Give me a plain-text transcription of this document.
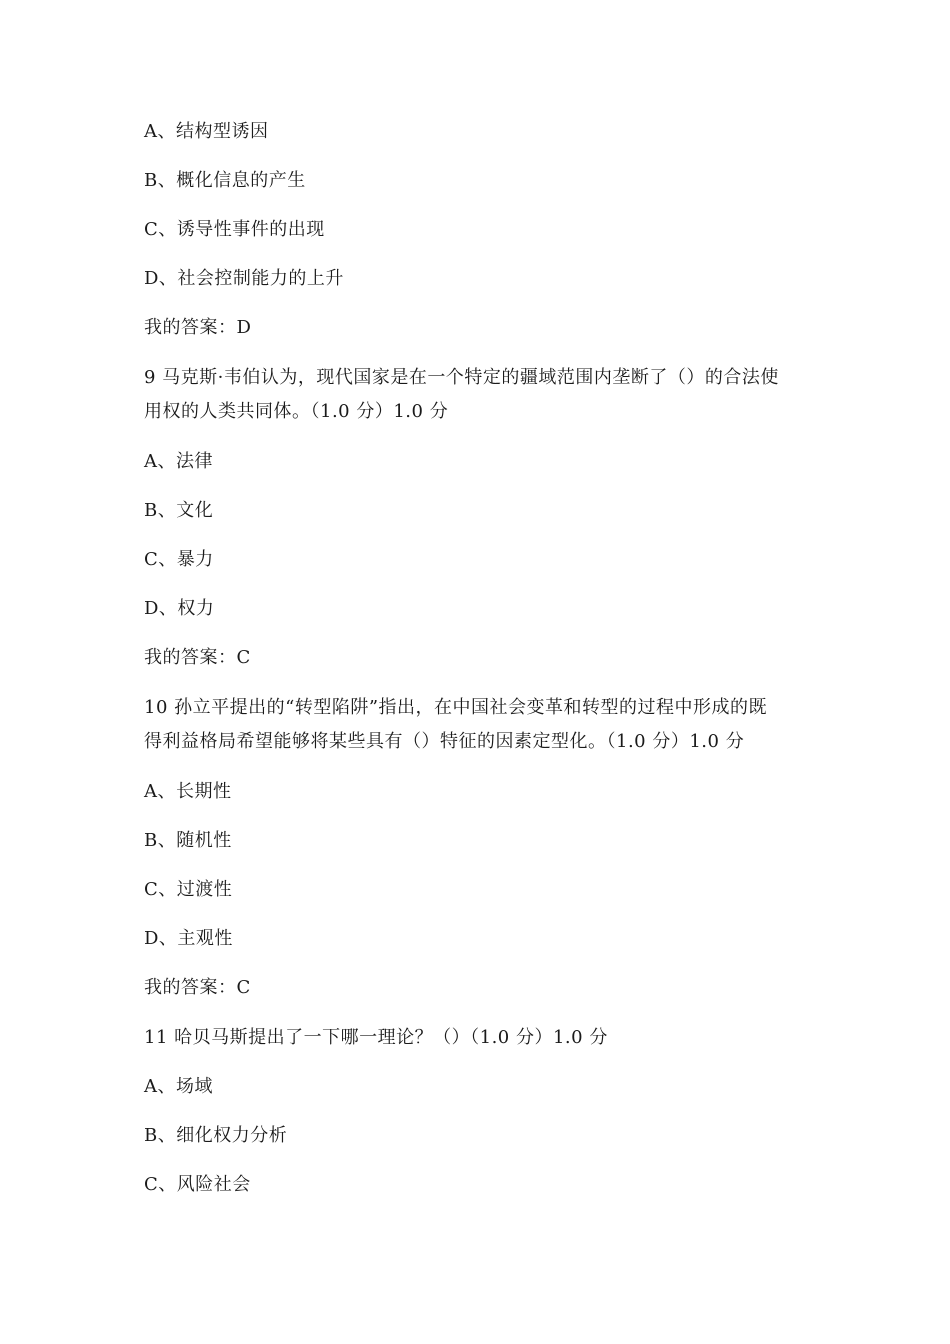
A、结构型诱因
B、概化信息的产生
C、诱导性事件的出现
D、社会控制能力的上升
我的答案：D
9 马克斯·韦伯认为，现代国家是在一个特定的疆域范围内垄断了（）的合法使
用权的人类共同体。（1.0 分）1.0 分
A、法律
B、文化
C、暴力
D、权力
我的答案：C
10 孙立平提出的“转型陷阱”指出，在中国社会变革和转型的过程中形成的既
得利益格局希望能够将某些具有（）特征的因素定型化。（1.0 分）1.0 分
A、长期性
B、随机性
C、过渡性
D、主观性
我的答案：C
11 哈贝马斯提出了一下哪一理论？（）（1.0 分）1.0 分
A、场域
B、细化权力分析
C、风险社会
